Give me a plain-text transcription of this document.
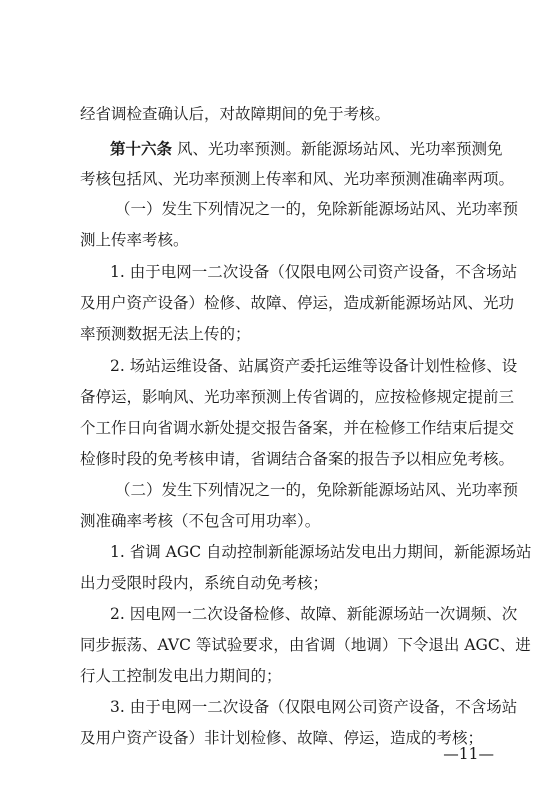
经省调检查确认后，对故障期间的免于考核。
第十六条 风、光功率预测。新能源场站风、光功率预测免
考核包括风、光功率预测上传率和风、光功率预测准确率两项。
（一）发生下列情况之一的，免除新能源场站风、光功率预
测上传率考核。
1. 由于电网一二次设备（仅限电网公司资产设备，不含场站
及用户资产设备）检修、故障、停运，造成新能源场站风、光功
率预测数据无法上传的；
2. 场站运维设备、站属资产委托运维等设备计划性检修、设
备停运，影响风、光功率预测上传省调的，应按检修规定提前三
个工作日向省调水新处提交报告备案，并在检修工作结束后提交
检修时段的免考核申请，省调结合备案的报告予以相应免考核。
（二）发生下列情况之一的，免除新能源场站风、光功率预
测准确率考核（不包含可用功率）。
1. 省调 AGC 自动控制新能源场站发电出力期间，新能源场站
出力受限时段内，系统自动免考核；
2. 因电网一二次设备检修、故障、新能源场站一次调频、次
同步振荡、AVC 等试验要求，由省调（地调）下令退出 AGC、进
行人工控制发电出力期间的；
3. 由于电网一二次设备（仅限电网公司资产设备，不含场站
及用户资产设备）非计划检修、故障、停运，造成的考核；
—11—
